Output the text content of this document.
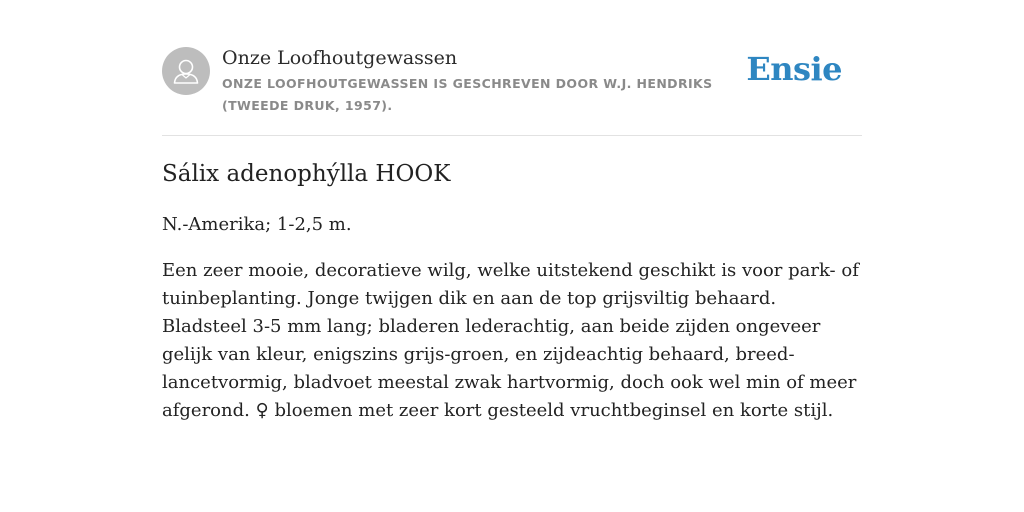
Onze Loofhoutgewassen

ONZE LOOFHOUTGEWASSEN IS GESCHREVEN DOOR W.J. HENDRIKS (TWEEDE DRUK, 1957).

Ensie
Sálix adenophýlla HOOK

N.-Amerika; 1-2,5 m.

Een zeer mooie, decoratieve wilg, welke uitstekend geschikt is voor park- of tuinbeplanting. Jonge twijgen dik en aan de top grijsviltig behaard. Bladsteel 3-5 mm lang; bladeren lederachtig, aan beide zijden ongeveer gelijk van kleur, enigszins grijs-groen, en zijdeachtig behaard, breed-lancetvormig, bladvoet meestal zwak hartvormig, doch ook wel min of meer afgerond. ♀ bloemen met zeer kort gesteeld vruchtbeginsel en korte stijl.
